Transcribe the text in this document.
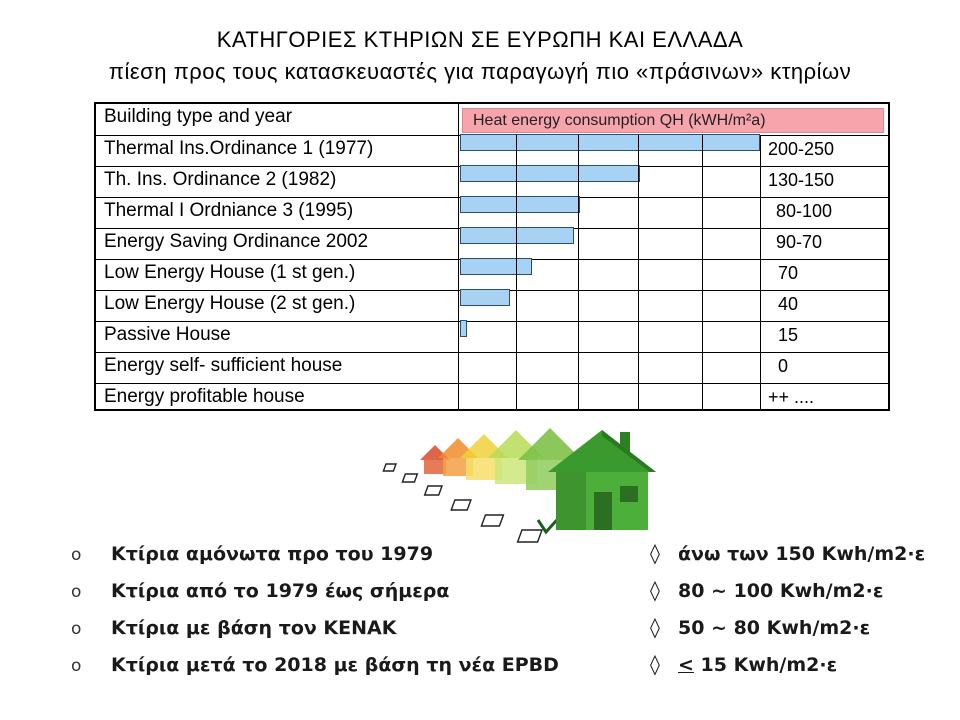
ΚΑΤΗΓΟΡΙΕΣ ΚΤΗΡΙΩΝ ΣΕ ΕΥΡΩΠΗ ΚΑΙ ΕΛΛΑΔΑ
πίεση προς τους κατασκευαστές για παραγωγή πιο «πράσινων» κτηρίων
Building type and year	Heat energy consumption QH (kWH/m²a)
Thermal Ins.Ordinance 1 (1977)	200-250
Th. Ins. Ordinance 2 (1982)	130-150
Thermal I Ordniance 3 (1995)	80-100
Energy Saving Ordinance 2002	90-70
Low Energy House (1 st gen.)	70
Low Energy House (2 st gen.)	40
Passive House	15
Energy self- sufficient house	0
Energy profitable house	++ ....
o Κτίρια αμόνωτα προ του 1979	◊ άνω των 150 Kwh/m2·ε
o Κτίρια από το 1979 έως σήμερα	◊ 80 ~ 100 Kwh/m2·ε
o Κτίρια με βάση τον ΚΕΝΑΚ	◊ 50 ~ 80 Kwh/m2·ε
o Κτίρια μετά το 2018 με βάση τη νέα EPBD	◊ ≤ 15 Kwh/m2·ε
